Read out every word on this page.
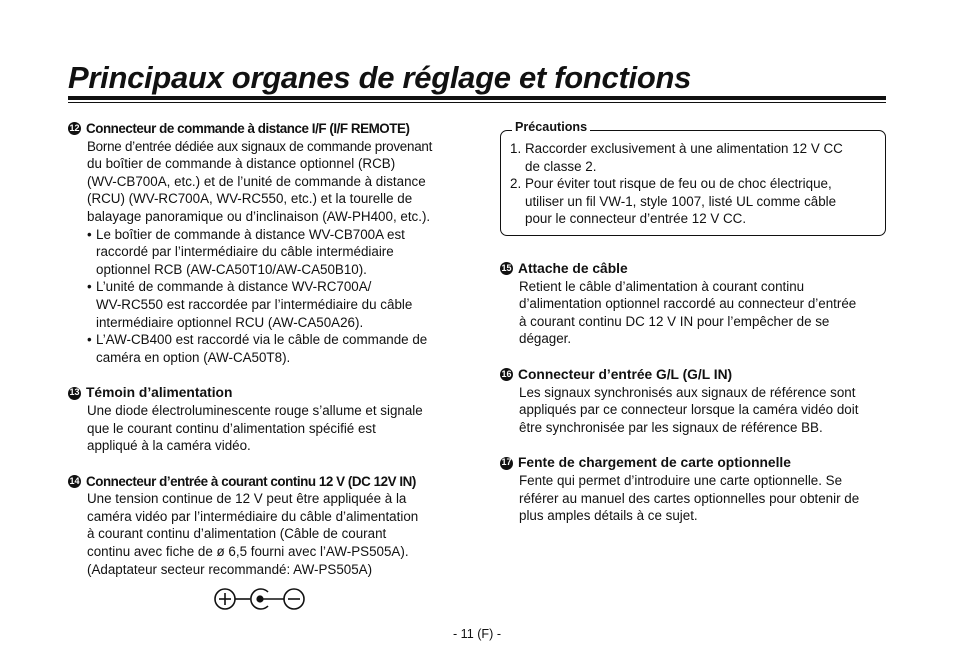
Principaux organes de réglage et fonctions
12 Connecteur de commande à distance I/F (I/F REMOTE)

Borne d’entrée dédiée aux signaux de commande provenant

du boîtier de commande à distance optionnel (RCB)

(WV-CB700A, etc.) et de l’unité de commande à distance

(RCU) (WV-RC700A, WV-RC550, etc.) et la tourelle de

balayage panoramique ou d’inclinaison (AW-PH400, etc.).

• Le boîtier de commande à distance WV-CB700A est

raccordé par l’intermédiaire du câble intermédiaire

optionnel RCB (AW-CA50T10/AW-CA50B10).

• L’unité de commande à distance WV-RC700A/

WV-RC550 est raccordée par l’intermédiaire du câble

intermédiaire optionnel RCU (AW-CA50A26).

• L’AW-CB400 est raccordé via le câble de commande de

caméra en option (AW-CA50T8).

13 Témoin d’alimentation

Une diode électroluminescente rouge s’allume et signale

que le courant continu d’alimentation spécifié est

appliqué à la caméra vidéo.

14 Connecteur d’entrée à courant continu 12 V (DC 12V IN)

Une tension continue de 12 V peut être appliquée à la

caméra vidéo par l’intermédiaire du câble d’alimentation

à courant continu d’alimentation (Câble de courant

continu avec fiche de ø 6,5 fourni avec l’AW-PS505A).

(Adaptateur secteur recommandé: AW-PS505A)

Précautions
1. Raccorder exclusivement à une alimentation 12 V CC

de classe 2.

2. Pour éviter tout risque de feu ou de choc électrique,

utiliser un fil VW-1, style 1007, listé UL comme câble

pour le connecteur d’entrée 12 V CC.

15 Attache de câble

Retient le câble d’alimentation à courant continu

d’alimentation optionnel raccordé au connecteur d’entrée

à courant continu DC 12 V IN pour l’empêcher de se

dégager.

16 Connecteur d’entrée G/L (G/L IN)

Les signaux synchronisés aux signaux de référence sont

appliqués par ce connecteur lorsque la caméra vidéo doit

être synchronisée par les signaux de référence BB.

17 Fente de chargement de carte optionnelle

Fente qui permet d’introduire une carte optionnelle. Se

référer au manuel des cartes optionnelles pour obtenir de

plus amples détails à ce sujet.

- 11 (F) -
